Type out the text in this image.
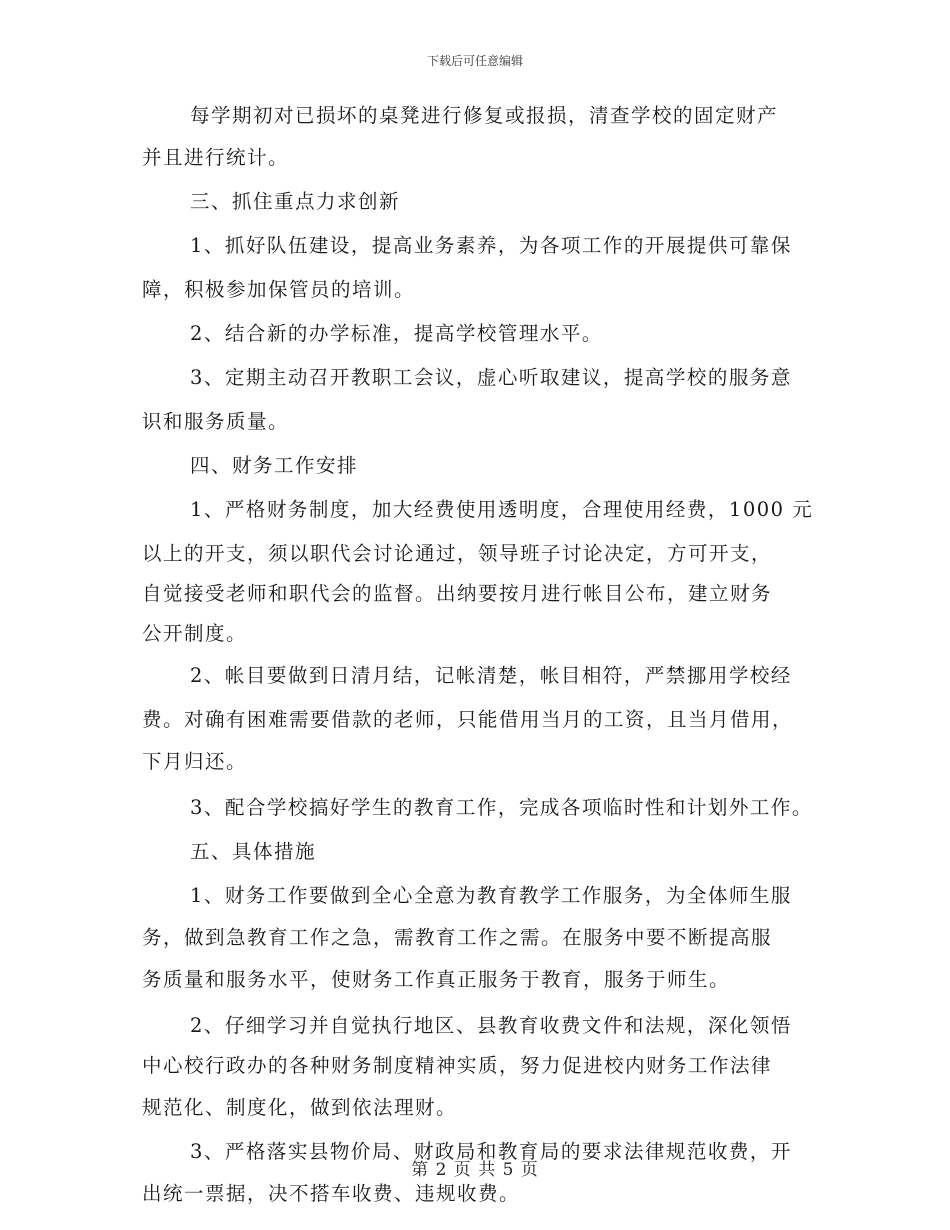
下载后可任意编辑
每学期初对已损坏的桌凳进行修复或报损，清查学校的固定财产
并且进行统计。
三、抓住重点力求创新
1、抓好队伍建设，提高业务素养，为各项工作的开展提供可靠保
障，积极参加保管员的培训。
2、结合新的办学标准，提高学校管理水平。
3、定期主动召开教职工会议，虚心听取建议，提高学校的服务意
识和服务质量。
四、财务工作安排
1、严格财务制度，加大经费使用透明度，合理使用经费，1000 元
以上的开支，须以职代会讨论通过，领导班子讨论决定，方可开支，
自觉接受老师和职代会的监督。出纳要按月进行帐目公布，建立财务
公开制度。
2、帐目要做到日清月结，记帐清楚，帐目相符，严禁挪用学校经
费。对确有困难需要借款的老师，只能借用当月的工资，且当月借用，
下月归还。
3、配合学校搞好学生的教育工作，完成各项临时性和计划外工作。
五、具体措施
1、财务工作要做到全心全意为教育教学工作服务，为全体师生服
务，做到急教育工作之急，需教育工作之需。在服务中要不断提高服
务质量和服务水平，使财务工作真正服务于教育，服务于师生。
2、仔细学习并自觉执行地区、县教育收费文件和法规，深化领悟
中心校行政办的各种财务制度精神实质，努力促进校内财务工作法律
规范化、制度化，做到依法理财。
3、严格落实县物价局、财政局和教育局的要求法律规范收费，开
出统一票据，决不搭车收费、违规收费。
第 2 页 共 5 页
